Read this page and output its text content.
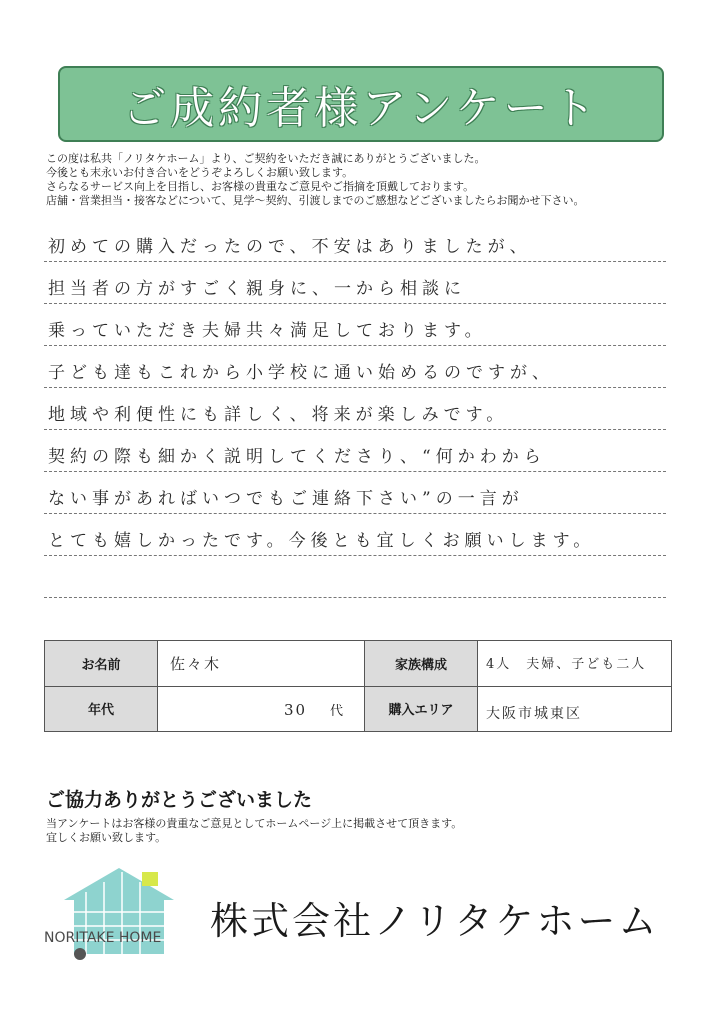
ご成約者様アンケート
この度は私共「ノリタケホーム」より、ご契約をいただき誠にありがとうございました。
今後とも末永いお付き合いをどうぞよろしくお願い致します。
さらなるサービス向上を目指し、お客様の貴重なご意見やご指摘を頂戴しております。
店舗・営業担当・接客などについて、見学～契約、引渡しまでのご感想などございましたらお聞かせ下さい。
初めての購入だったので、不安はありましたが、
担当者の方がすごく親身に、一から相談に
乗っていただき夫婦共々満足しております。
子ども達もこれから小学校に通い始めるのですが、
地域や利便性にも詳しく、将来が楽しみです。
契約の際も細かく説明してくださり、“何かわから
ない事があればいつでもご連絡下さい”の一言が
とても嬉しかったです。今後とも宜しくお願いします。
お名前	佐々木	家族構成	4人　夫婦、子ども二人

年代	30 代	購入エリア	大阪市城東区
ご協力ありがとうございました
当アンケートはお客様の貴重なご意見としてホームページ上に掲載させて頂きます。
宜しくお願い致します。
NORITAKE HOME	株式会社ノリタケホーム
